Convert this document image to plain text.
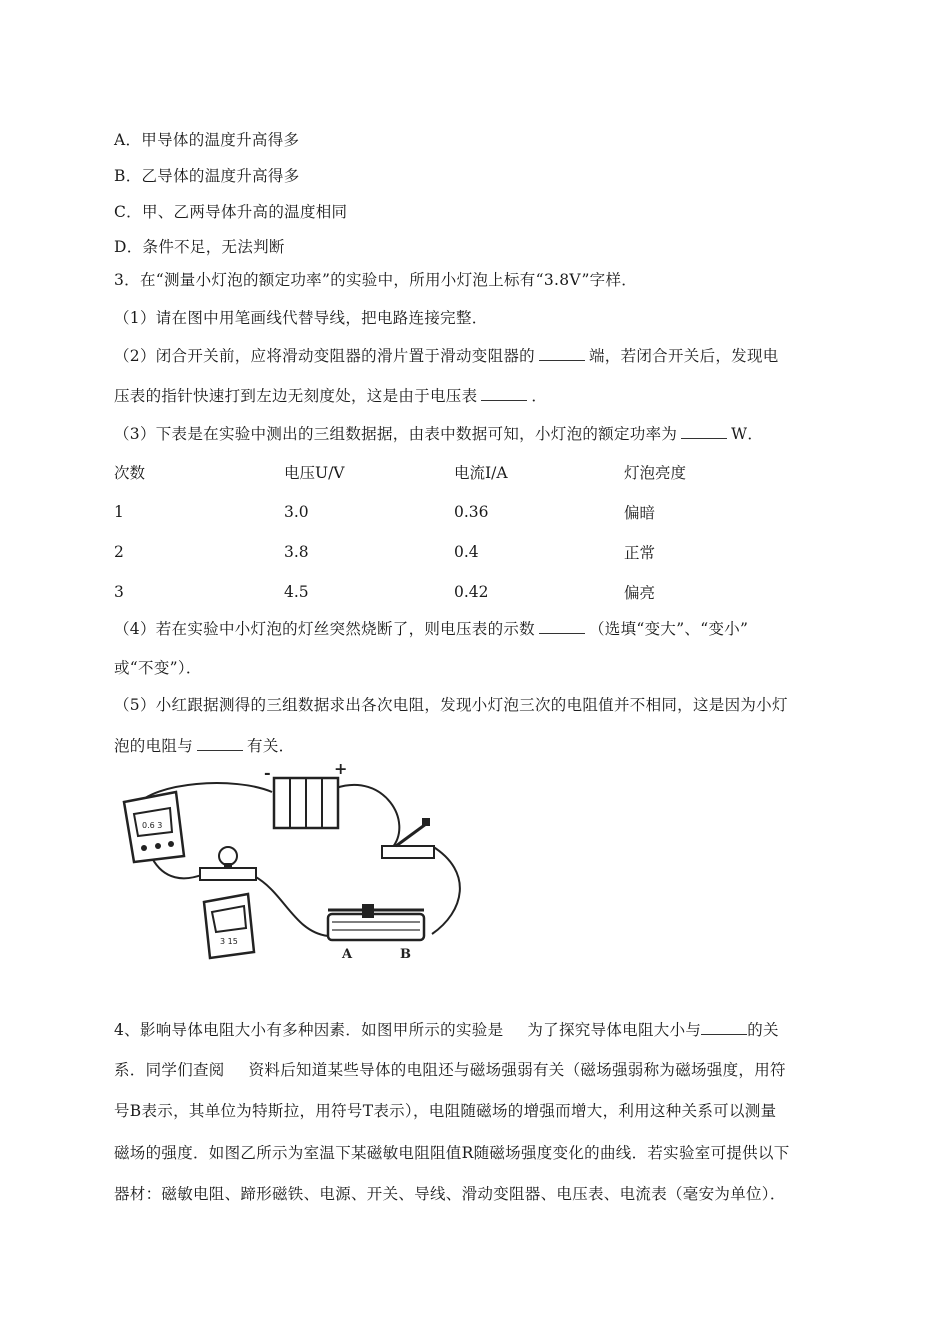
A．甲导体的温度升高得多
B．乙导体的温度升高得多
C．甲、乙两导体升高的温度相同
D．条件不足，无法判断
3．在“测量小灯泡的额定功率”的实验中，所用小灯泡上标有“3.8V”字样．
（1）请在图中用笔画线代替导线，把电路连接完整．
（2）闭合开关前，应将滑动变阻器的滑片置于滑动变阻器的	端，若闭合开关后，发现电
压表的指针快速打到左边无刻度处，这是由于电压表	．
（3）下表是在实验中测出的三组数据据，由表中数据可知，小灯泡的额定功率为	W．
次数	电压U/V	电流I/A	灯泡亮度
1	3.0	0.36	偏暗
2	3.8	0.4	正常
3	4.5	0.42	偏亮
（4）若在实验中小灯泡的灯丝突然烧断了，则电压表的示数	（选填“变大”、“变小”
或“不变”）．
（5）小红跟据测得的三组数据求出各次电阻，发现小灯泡三次的电阻值并不相同，这是因为小灯
泡的电阻与	有关．
0.6 3
-	+
3 15
A	B
4、影响导体电阻大小有多种因素．如图甲所示的实验是 为了探究导体电阻大小与	的关
系．同学们查阅 资料后知道某些导体的电阻还与磁场强弱有关（磁场强弱称为磁场强度，用符
号B表示，其单位为特斯拉，用符号T表示），电阻随磁场的增强而增大，利用这种关系可以测量
磁场的强度．如图乙所示为室温下某磁敏电阻阻值R随磁场强度变化的曲线．若实验室可提供以下
器材：磁敏电阻、蹄形磁铁、电源、开关、导线、滑动变阻器、电压表、电流表（毫安为单位）．
